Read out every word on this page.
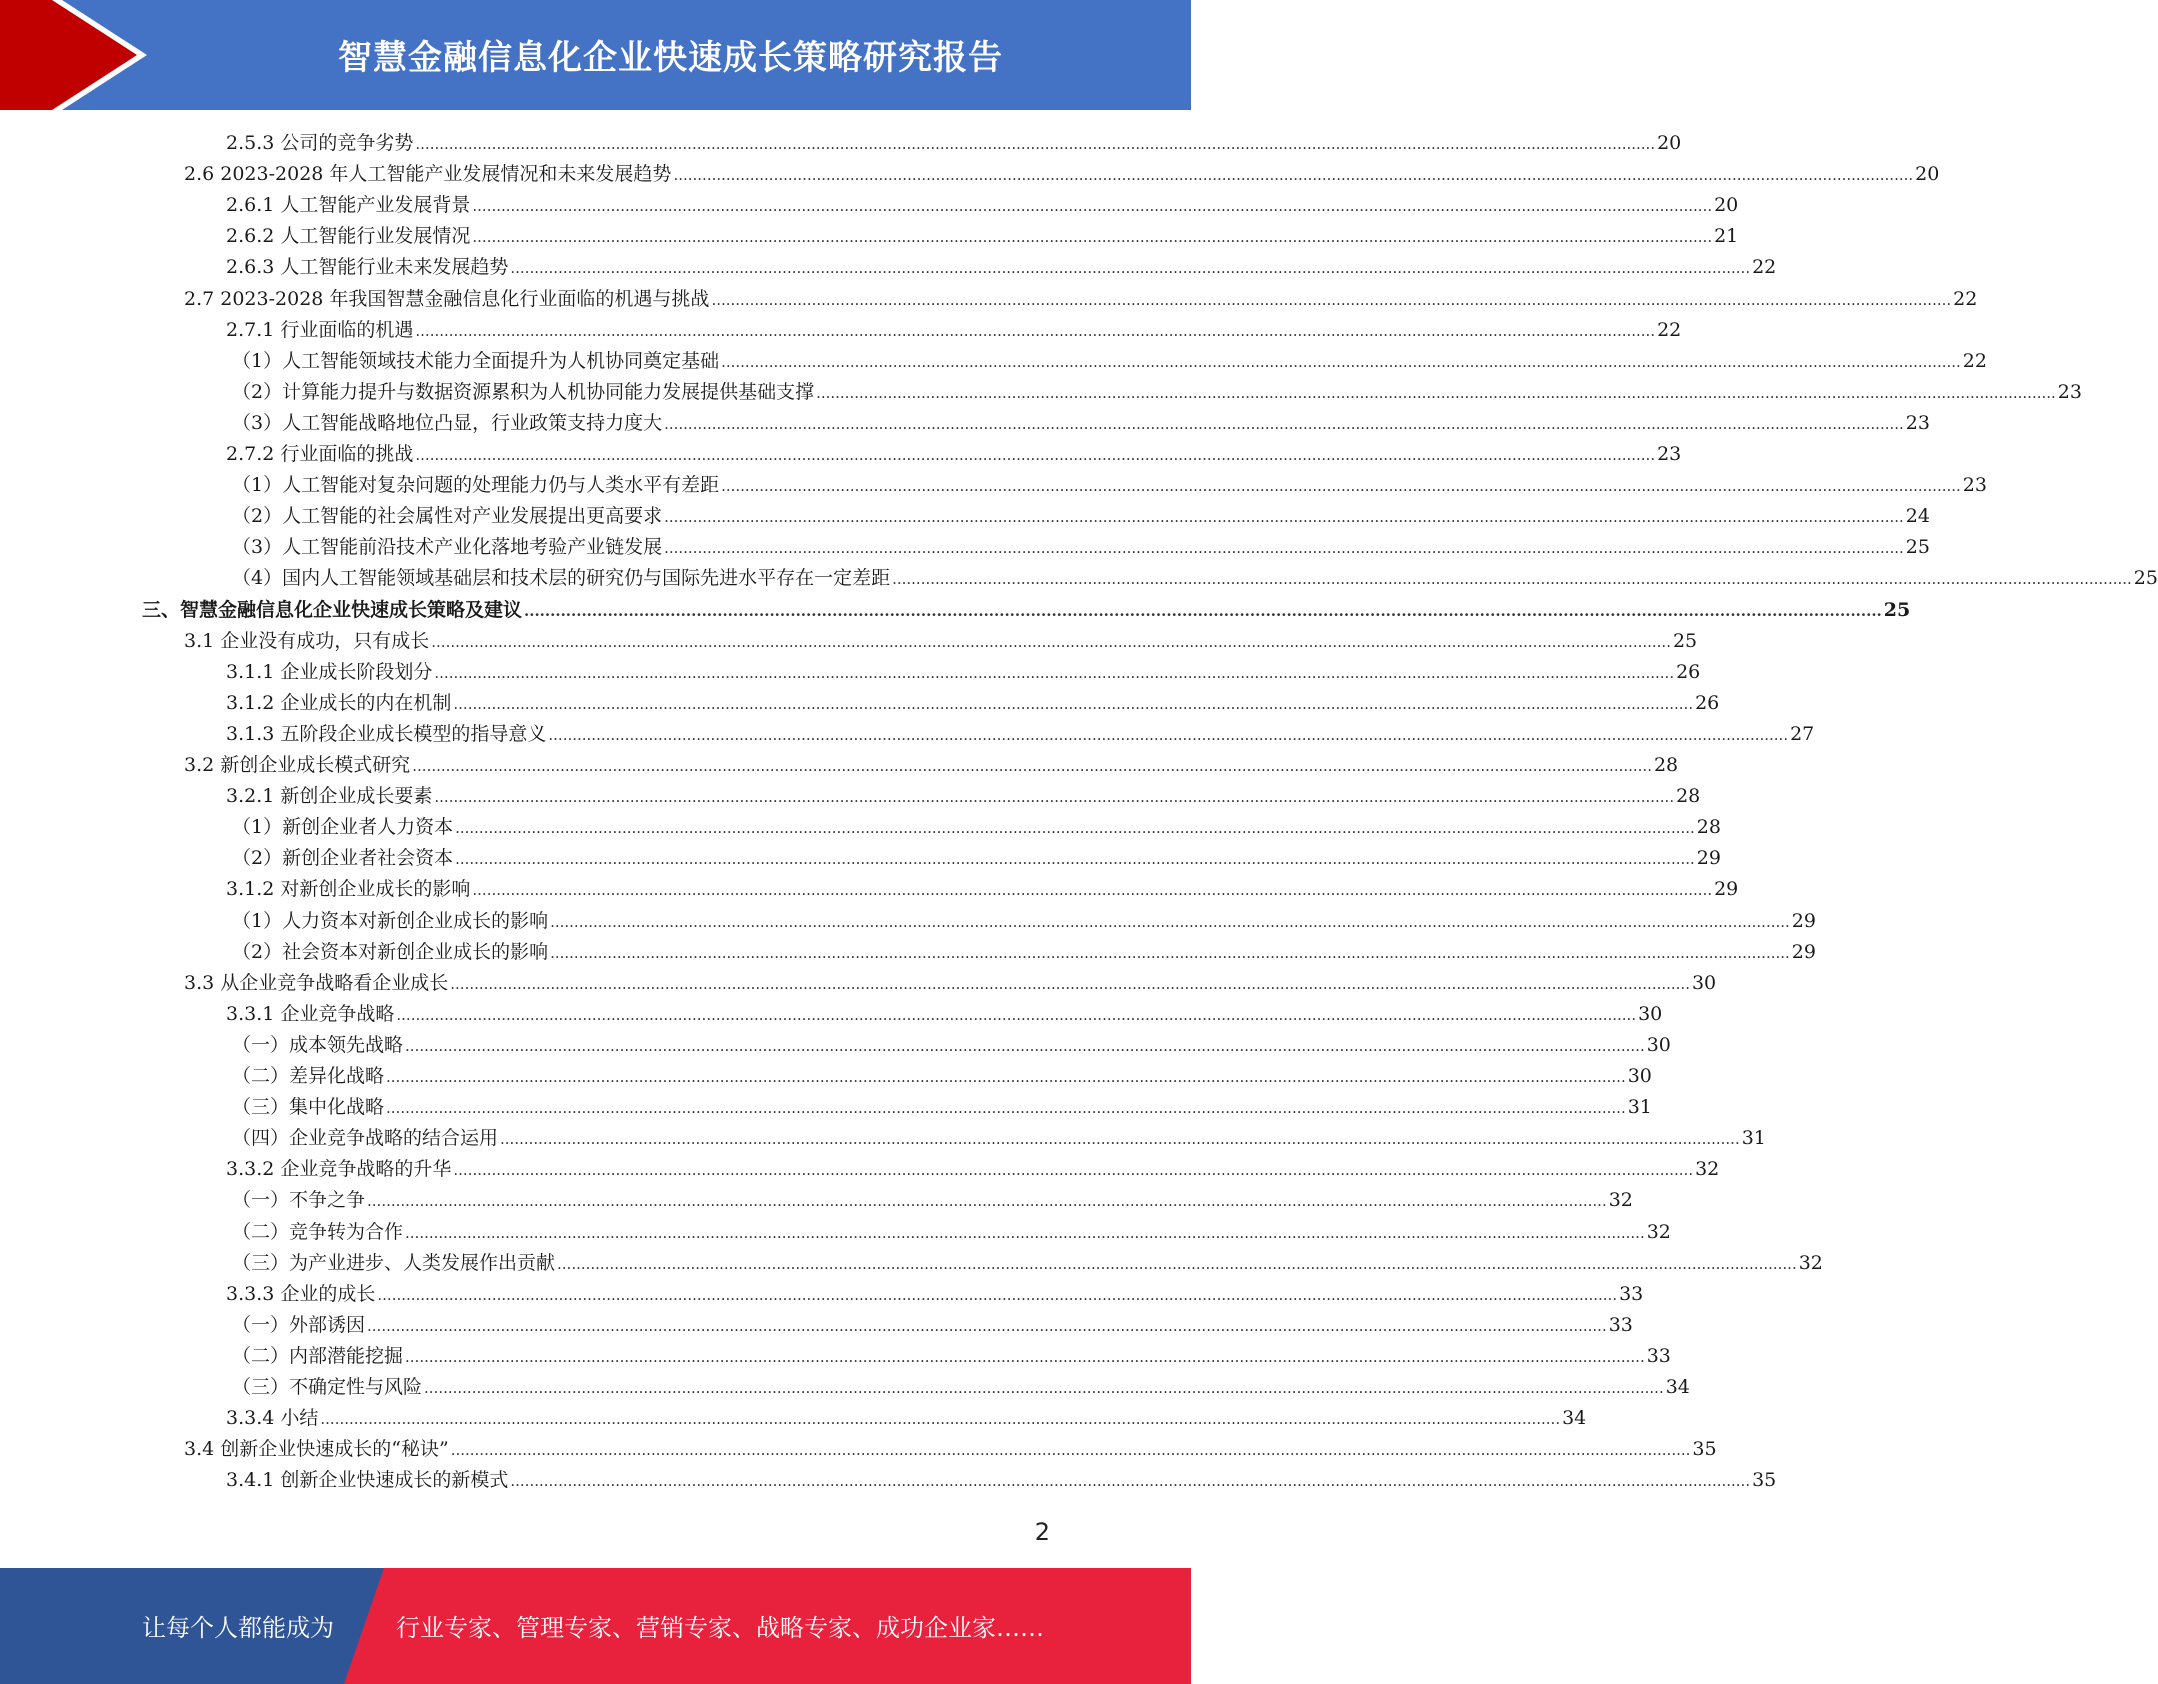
智慧金融信息化企业快速成长策略研究报告
2.5.3 公司的竞争劣势 .................................................................................................................................................................................................................................................................... 20
2.6 2023-2028 年人工智能产业发展情况和未来发展趋势 .................................................................................................................................................................................................................................................................... 20
2.6.1 人工智能产业发展背景 .................................................................................................................................................................................................................................................................... 20
2.6.2 人工智能行业发展情况 .................................................................................................................................................................................................................................................................... 21
2.6.3 人工智能行业未来发展趋势 .................................................................................................................................................................................................................................................................... 22
2.7 2023-2028 年我国智慧金融信息化行业面临的机遇与挑战 .................................................................................................................................................................................................................................................................... 22
2.7.1 行业面临的机遇 .................................................................................................................................................................................................................................................................... 22
（1）人工智能领域技术能力全面提升为人机协同奠定基础 .................................................................................................................................................................................................................................................................... 22
（2）计算能力提升与数据资源累积为人机协同能力发展提供基础支撑 .................................................................................................................................................................................................................................................................... 23
（3）人工智能战略地位凸显，行业政策支持力度大 .................................................................................................................................................................................................................................................................... 23
2.7.2 行业面临的挑战 .................................................................................................................................................................................................................................................................... 23
（1）人工智能对复杂问题的处理能力仍与人类水平有差距 .................................................................................................................................................................................................................................................................... 23
（2）人工智能的社会属性对产业发展提出更高要求 .................................................................................................................................................................................................................................................................... 24
（3）人工智能前沿技术产业化落地考验产业链发展 .................................................................................................................................................................................................................................................................... 25
（4）国内人工智能领域基础层和技术层的研究仍与国际先进水平存在一定差距 .................................................................................................................................................................................................................................................................... 25
三、智慧金融信息化企业快速成长策略及建议 .................................................................................................................................................................................................................................................................... 25
3.1 企业没有成功，只有成长 .................................................................................................................................................................................................................................................................... 25
3.1.1 企业成长阶段划分 .................................................................................................................................................................................................................................................................... 26
3.1.2 企业成长的内在机制 .................................................................................................................................................................................................................................................................... 26
3.1.3 五阶段企业成长模型的指导意义 .................................................................................................................................................................................................................................................................... 27
3.2 新创企业成长模式研究 .................................................................................................................................................................................................................................................................... 28
3.2.1 新创企业成长要素 .................................................................................................................................................................................................................................................................... 28
（1）新创企业者人力资本 .................................................................................................................................................................................................................................................................... 28
（2）新创企业者社会资本 .................................................................................................................................................................................................................................................................... 29
3.1.2 对新创企业成长的影响 .................................................................................................................................................................................................................................................................... 29
（1）人力资本对新创企业成长的影响 .................................................................................................................................................................................................................................................................... 29
（2）社会资本对新创企业成长的影响 .................................................................................................................................................................................................................................................................... 29
3.3 从企业竞争战略看企业成长 .................................................................................................................................................................................................................................................................... 30
3.3.1 企业竞争战略 .................................................................................................................................................................................................................................................................... 30
（一）成本领先战略 .................................................................................................................................................................................................................................................................... 30
（二）差异化战略 .................................................................................................................................................................................................................................................................... 30
（三）集中化战略 .................................................................................................................................................................................................................................................................... 31
（四）企业竞争战略的结合运用 .................................................................................................................................................................................................................................................................... 31
3.3.2 企业竞争战略的升华 .................................................................................................................................................................................................................................................................... 32
（一）不争之争 .................................................................................................................................................................................................................................................................... 32
（二）竞争转为合作 .................................................................................................................................................................................................................................................................... 32
（三）为产业进步、人类发展作出贡献 .................................................................................................................................................................................................................................................................... 32
3.3.3 企业的成长 .................................................................................................................................................................................................................................................................... 33
（一）外部诱因 .................................................................................................................................................................................................................................................................... 33
（二）内部潜能挖掘 .................................................................................................................................................................................................................................................................... 33
（三）不确定性与风险 .................................................................................................................................................................................................................................................................... 34
3.3.4 小结 .................................................................................................................................................................................................................................................................... 34
3.4 创新企业快速成长的“秘诀” .................................................................................................................................................................................................................................................................... 35
3.4.1 创新企业快速成长的新模式 .................................................................................................................................................................................................................................................................... 35
2
让每个人都能成为	行业专家、管理专家、营销专家、战略专家、成功企业家……
